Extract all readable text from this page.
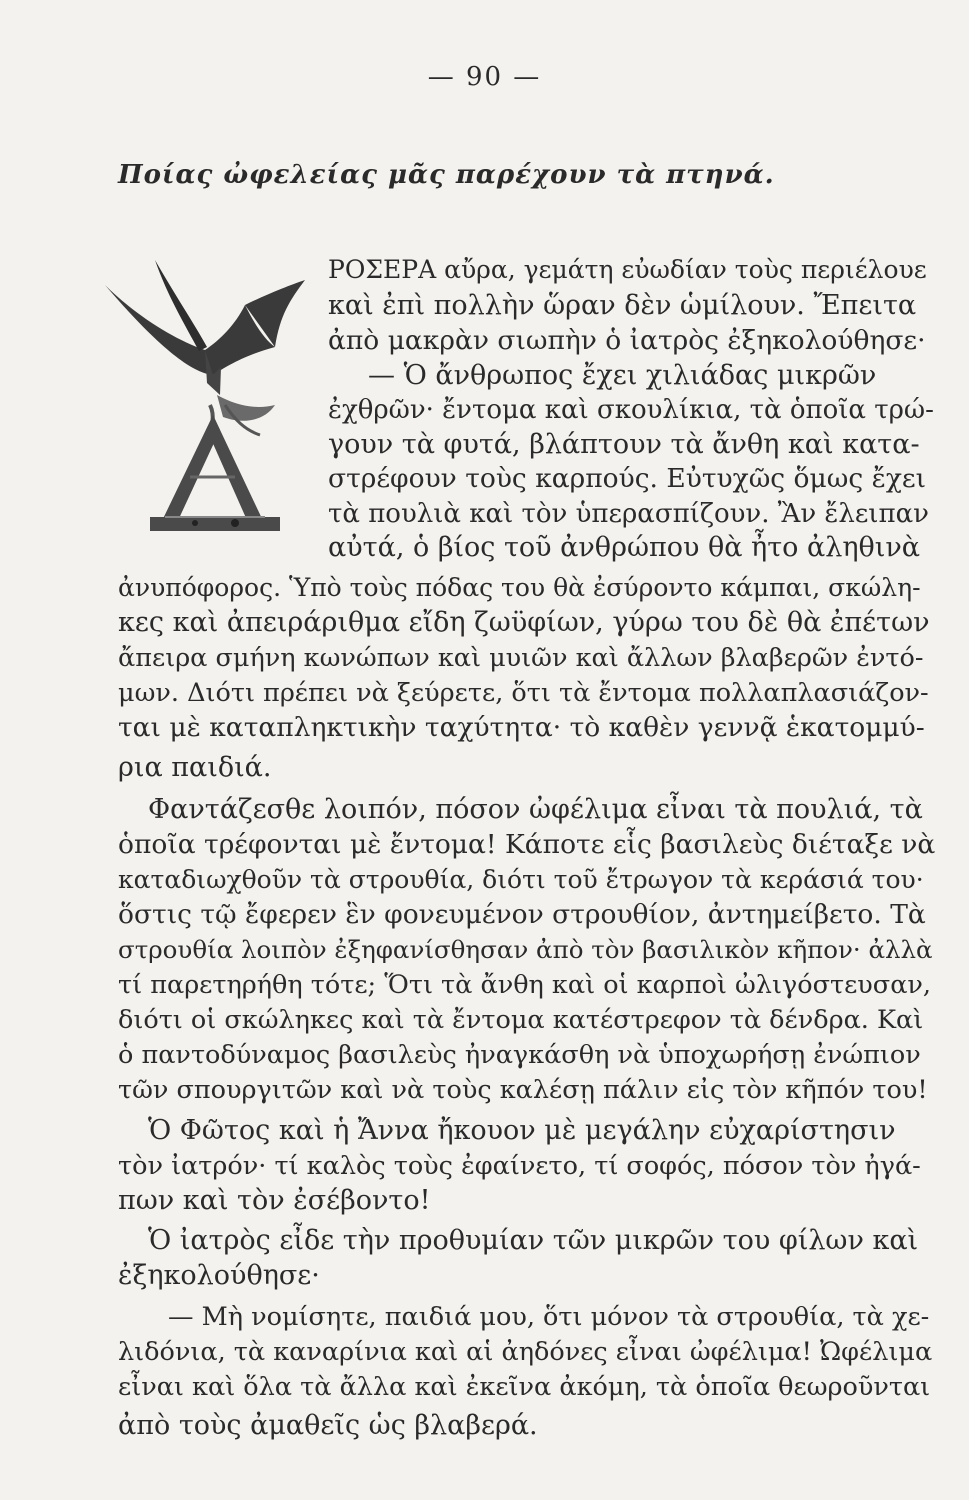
— 90 —
Ποίας ὠφελείας μᾶς παρέχουν τὰ πτηνά.
ΡΟΣΕΡΑ αὔρα, γεμάτη εὐωδίαν τοὺς περιέλουε
καὶ ἐπὶ πολλὴν ὥραν δὲν ὡμίλουν. Ἔπειτα
ἀπὸ μακρὰν σιωπὴν ὁ ἰατρὸς ἐξηκολούθησε·
— Ὁ ἄνθρωπος ἔχει χιλιάδας μικρῶν
ἐχθρῶν· ἔντομα καὶ σκουλίκια, τὰ ὁποῖα τρώ-
γουν τὰ φυτά, βλάπτουν τὰ ἄνθη καὶ κατα-
στρέφουν τοὺς καρπούς. Εὐτυχῶς ὅμως ἔχει
τὰ πουλιὰ καὶ τὸν ὑπερασπίζουν. Ἂν ἔλειπαν
αὐτά, ὁ βίος τοῦ ἀνθρώπου θὰ ἦτο ἀληθινὰ
ἀνυπόφορος. Ὑπὸ τοὺς πόδας του θὰ ἐσύροντο κάμπαι, σκώλη-
κες καὶ ἀπειράριθμα εἴδη ζωϋφίων, γύρω του δὲ θὰ ἐπέτων
ἄπειρα σμήνη κωνώπων καὶ μυιῶν καὶ ἄλλων βλαβερῶν ἐντό-
μων. Διότι πρέπει νὰ ξεύρετε, ὅτι τὰ ἔντομα πολλαπλασιάζον-
ται μὲ καταπληκτικὴν ταχύτητα· τὸ καθὲν γεννᾷ ἑκατομμύ-
ρια παιδιά.
Φαντάζεσθε λοιπόν, πόσον ὠφέλιμα εἶναι τὰ πουλιά, τὰ
ὁποῖα τρέφονται μὲ ἔντομα! Κάποτε εἷς βασιλεὺς διέταξε νὰ
καταδιωχθοῦν τὰ στρουθία, διότι τοῦ ἔτρωγον τὰ κεράσιά του·
ὅστις τῷ ἔφερεν ἓν φονευμένον στρουθίον, ἀντημείβετο. Τὰ
στρουθία λοιπὸν ἐξηφανίσθησαν ἀπὸ τὸν βασιλικὸν κῆπον· ἀλλὰ
τί παρετηρήθη τότε; Ὅτι τὰ ἄνθη καὶ οἱ καρποὶ ὠλιγόστευσαν,
διότι οἱ σκώληκες καὶ τὰ ἔντομα κατέστρεφον τὰ δένδρα. Καὶ
ὁ παντοδύναμος βασιλεὺς ἠναγκάσθη νὰ ὑποχωρήσῃ ἐνώπιον
τῶν σπουργιτῶν καὶ νὰ τοὺς καλέσῃ πάλιν εἰς τὸν κῆπόν του!
Ὁ Φῶτος καὶ ἡ Ἄννα ἤκουον μὲ μεγάλην εὐχαρίστησιν
τὸν ἰατρόν· τί καλὸς τοὺς ἐφαίνετο, τί σοφός, πόσον τὸν ἠγά-
πων καὶ τὸν ἐσέβοντο!
Ὁ ἰατρὸς εἶδε τὴν προθυμίαν τῶν μικρῶν του φίλων καὶ
ἐξηκολούθησε·
— Μὴ νομίσητε, παιδιά μου, ὅτι μόνον τὰ στρουθία, τὰ χε-
λιδόνια, τὰ καναρίνια καὶ αἱ ἀηδόνες εἶναι ὠφέλιμα! Ὠφέλιμα
εἶναι καὶ ὅλα τὰ ἄλλα καὶ ἐκεῖνα ἀκόμη, τὰ ὁποῖα θεωροῦνται
ἀπὸ τοὺς ἀμαθεῖς ὡς βλαβερά.
